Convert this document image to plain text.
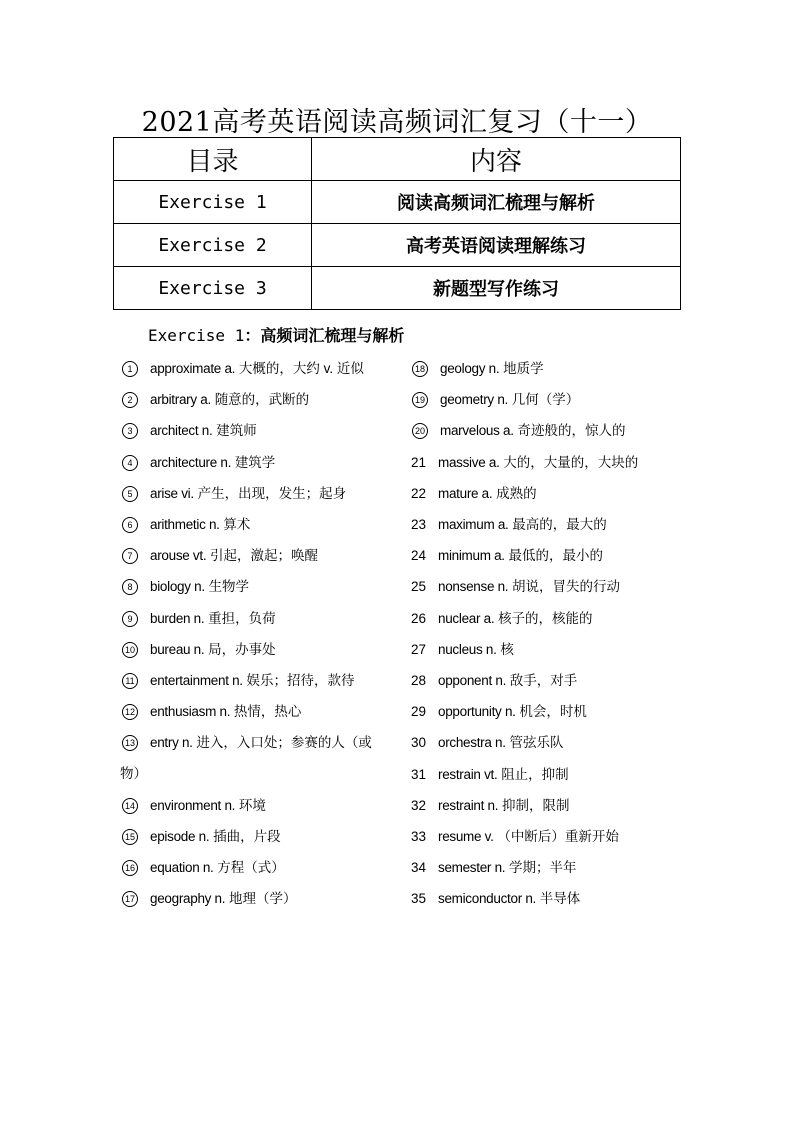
2021高考英语阅读高频词汇复习（十一）
目录	内容
Exercise 1	阅读高频词汇梳理与解析
Exercise 2	高考英语阅读理解练习
Exercise 3	新题型写作练习
Exercise 1：高频词汇梳理与解析
1 approximate a. 大概的，大约 v. 近似
2 arbitrary a. 随意的，武断的
3 architect n. 建筑师
4 architecture n. 建筑学
5 arise vi. 产生，出现，发生；起身
6 arithmetic n. 算术
7 arouse vt. 引起，激起；唤醒
8 biology n. 生物学
9 burden n. 重担，负荷
10 bureau n. 局，办事处
11 entertainment n. 娱乐；招待，款待
12 enthusiasm n. 热情，热心
13 entry n. 进入，入口处；参赛的人（或
14 environment n. 环境
15 episode n. 插曲，片段
16 equation n. 方程（式）
17 geography n. 地理（学）
18 geology n. 地质学
19 geometry n. 几何（学）
20 marvelous a. 奇迹般的，惊人的
21 massive a. 大的，大量的，大块的
22 mature a. 成熟的
23 maximum a. 最高的，最大的
24 minimum a. 最低的，最小的
25 nonsense n. 胡说，冒失的行动
26 nuclear a. 核子的，核能的
27 nucleus n. 核
28 opponent n. 敌手，对手
29 opportunity n. 机会，时机
30 orchestra n. 管弦乐队
31 restrain vt. 阻止，抑制
32 restraint n. 抑制，限制
33 resume v. （中断后）重新开始
34 semester n. 学期；半年
35 semiconductor n. 半导体
物）
